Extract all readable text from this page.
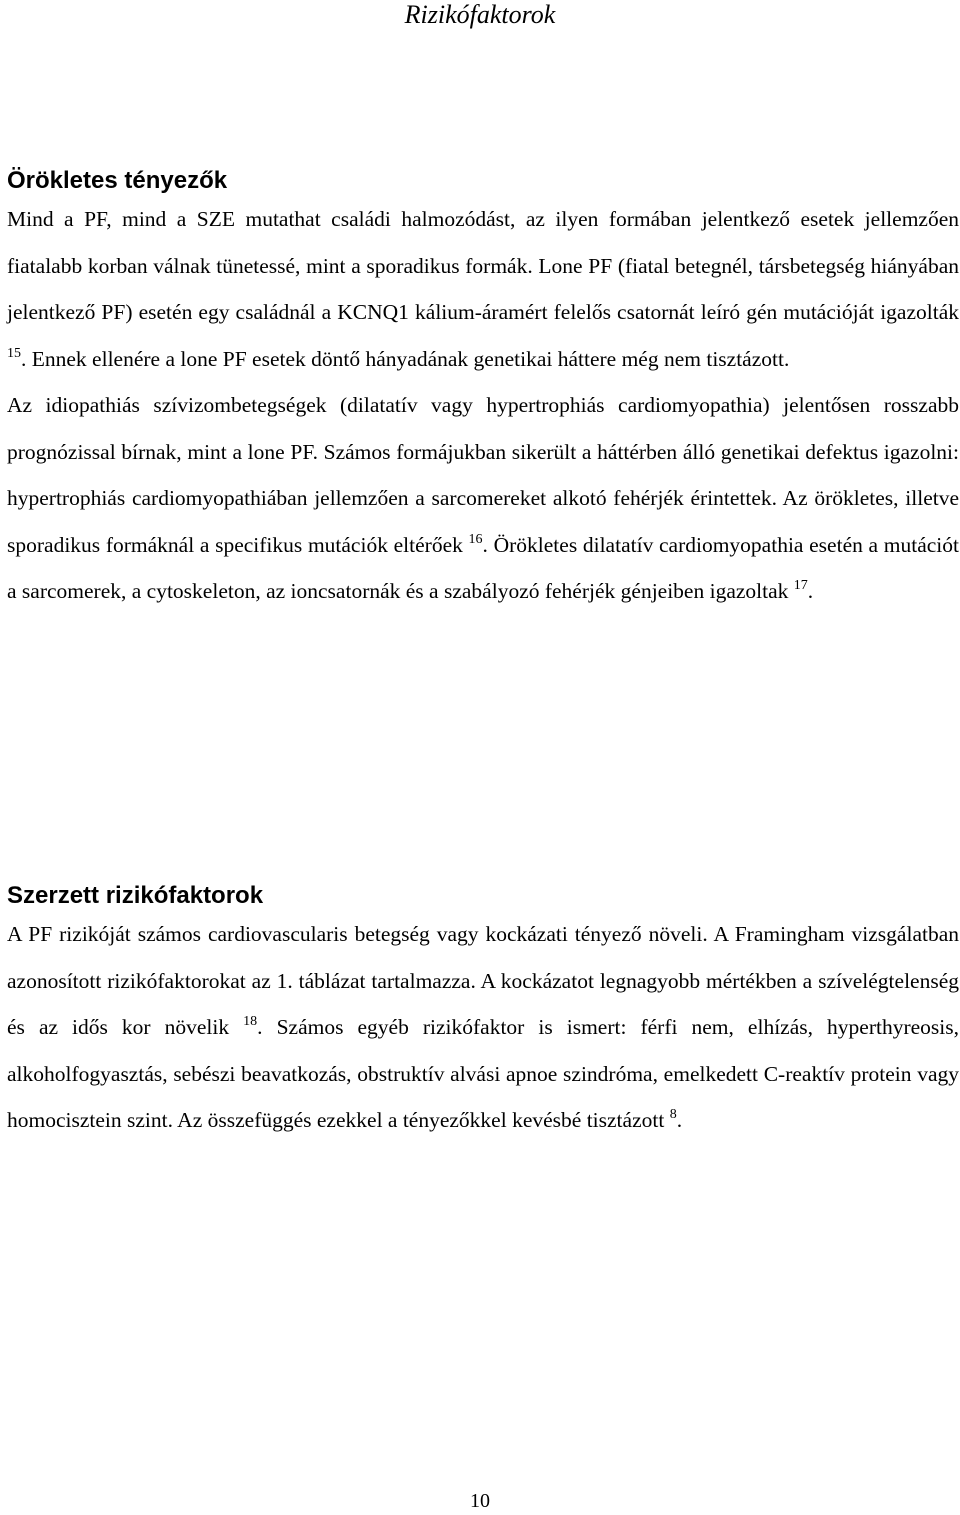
Rizikófaktorok
Örökletes tényezők

Mind a PF, mind a SZE mutathat családi halmozódást, az ilyen formában jelentkező esetek jellemzően fiatalabb korban válnak tünetessé, mint a sporadikus formák. Lone PF (fiatal betegnél, társbetegség hiányában jelentkező PF) esetén egy családnál a KCNQ1 kálium-áramért felelős csatornát leíró gén mutációját igazolták $^{15}$. Ennek ellenére a lone PF esetek döntő hányadának genetikai háttere még nem tisztázott.

Az idiopathiás szívizombetegségek (dilatatív vagy hypertrophiás cardiomyopathia) jelentősen rosszabb prognózissal bírnak, mint a lone PF. Számos formájukban sikerült a háttérben álló genetikai defektus igazolni: hypertrophiás cardiomyopathiában jellemzően a sarcomereket alkotó fehérjék érintettek. Az örökletes, illetve sporadikus formáknál a specifikus mutációk eltérőek $^{16}$. Örökletes dilatatív cardiomyopathia esetén a mutációt a sarcomerek, a cytoskeleton, az ioncsatornák és a szabályozó fehérjék génjeiben igazoltak $^{17}$.

Szerzett rizikófaktorok

A PF rizikóját számos cardiovascularis betegség vagy kockázati tényező növeli. A Framingham vizsgálatban azonosított rizikófaktorokat az 1. táblázat tartalmazza. A kockázatot legnagyobb mértékben a szívelégtelenség és az idős kor növelik $^{18}$. Számos egyéb rizikófaktor is ismert: férfi nem, elhízás, hyperthyreosis, alkoholfogyasztás, sebészi beavatkozás, obstruktív alvási apnoe szindróma, emelkedett C-reaktív protein vagy homocisztein szint. Az összefüggés ezekkel a tényezőkkel kevésbé tisztázott $^8$.

10
